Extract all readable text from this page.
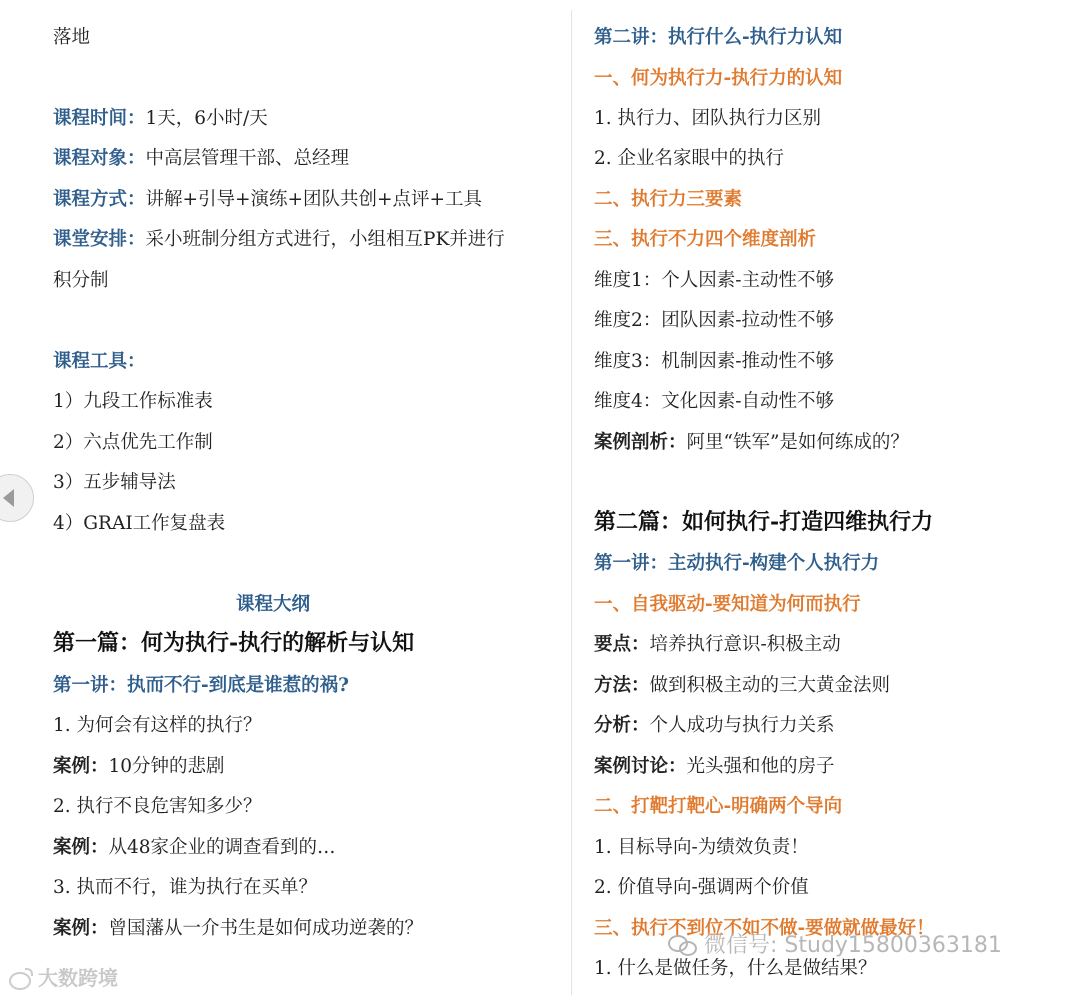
落地
课程时间：1天，6小时/天
课程对象：中高层管理干部、总经理
课程方式：讲解+引导+演练+团队共创+点评+工具
课堂安排：采小班制分组方式进行，小组相互PK并进行
积分制
课程工具：
1）九段工作标准表
2）六点优先工作制
3）五步辅导法
4）GRAI工作复盘表
课程大纲
第一篇：何为执行-执行的解析与认知
第一讲：执而不行-到底是谁惹的祸?
1. 为何会有这样的执行？
案例：10分钟的悲剧
2. 执行不良危害知多少？
案例：从48家企业的调查看到的…
3. 执而不行，谁为执行在买单？
案例：曾国藩从一介书生是如何成功逆袭的？
第二讲：执行什么-执行力认知
一、何为执行力-执行力的认知
1. 执行力、团队执行力区别
2. 企业名家眼中的执行
二、执行力三要素
三、执行不力四个维度剖析
维度1：个人因素-主动性不够
维度2：团队因素-拉动性不够
维度3：机制因素-推动性不够
维度4：文化因素-自动性不够
案例剖析：阿里“铁军”是如何练成的？
第二篇：如何执行-打造四维执行力
第一讲：主动执行-构建个人执行力
一、自我驱动-要知道为何而执行
要点：培养执行意识-积极主动
方法：做到积极主动的三大黄金法则
分析：个人成功与执行力关系
案例讨论：光头强和他的房子
二、打靶打靶心-明确两个导向
1. 目标导向-为绩效负责！
2. 价值导向-强调两个价值
三、执行不到位不如不做-要做就做最好！
1. 什么是做任务，什么是做结果？
大数跨境
微信号: Study15800363181
